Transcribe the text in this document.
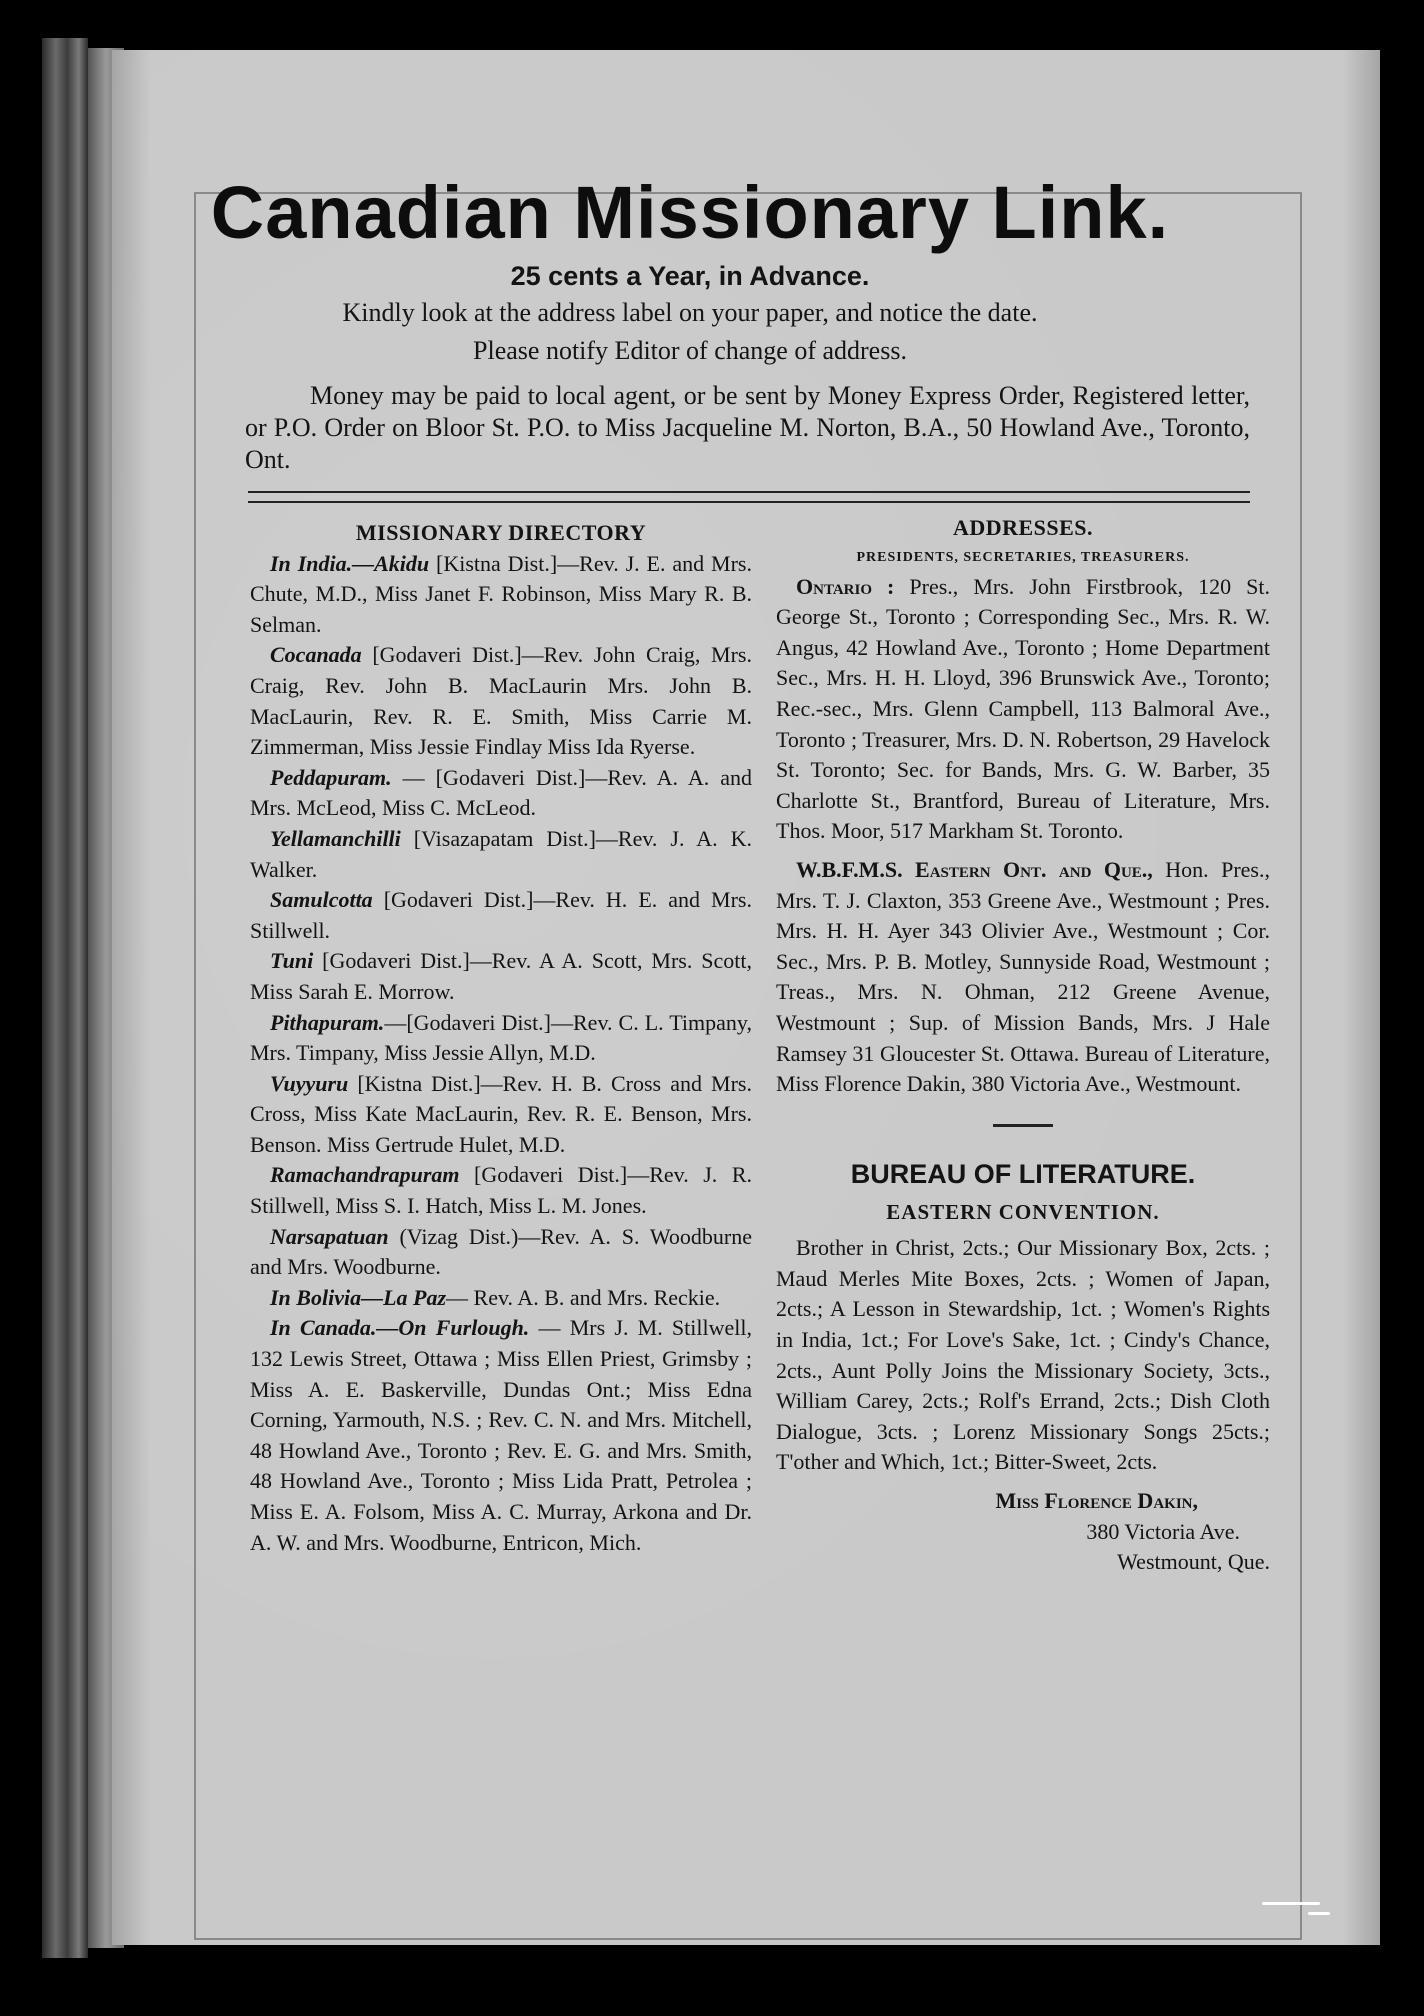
Canadian Missionary Link.
25 cents a Year, in Advance.
Kindly look at the address label on your paper, and notice the date.
Please notify Editor of change of address.
Money may be paid to local agent, or be sent by Money Express Order, Registered letter, or P.O. Order on Bloor St. P.O. to Miss Jacqueline M. Norton, B.A., 50 Howland Ave., Toronto, Ont.
MISSIONARY DIRECTORY

In India.—Akidu [Kistna Dist.]—Rev. J. E. and Mrs. Chute, M.D., Miss Janet F. Robinson, Miss Mary R. B. Selman.

Cocanada [Godaveri Dist.]—Rev. John Craig, Mrs. Craig, Rev. John B. MacLaurin Mrs. John B. MacLaurin, Rev. R. E. Smith, Miss Carrie M. Zimmerman, Miss Jessie Findlay Miss Ida Ryerse.

Peddapuram. — [Godaveri Dist.]—Rev. A. A. and Mrs. McLeod, Miss C. McLeod.

Yellamanchilli [Visazapatam Dist.]—Rev. J. A. K. Walker.

Samulcotta [Godaveri Dist.]—Rev. H. E. and Mrs. Stillwell.

Tuni [Godaveri Dist.]—Rev. A A. Scott, Mrs. Scott, Miss Sarah E. Morrow.

Pithapuram.—[Godaveri Dist.]—Rev. C. L. Timpany, Mrs. Timpany, Miss Jessie Allyn, M.D.

Vuyyuru [Kistna Dist.]—Rev. H. B. Cross and Mrs. Cross, Miss Kate MacLaurin, Rev. R. E. Benson, Mrs. Benson. Miss Gertrude Hulet, M.D.

Ramachandrapuram [Godaveri Dist.]—Rev. J. R. Stillwell, Miss S. I. Hatch, Miss L. M. Jones.

Narsapatuan (Vizag Dist.)—Rev. A. S. Woodburne and Mrs. Woodburne.

In Bolivia—La Paz— Rev. A. B. and Mrs. Reckie.

In Canada.—On Furlough. — Mrs J. M. Stillwell, 132 Lewis Street, Ottawa ; Miss Ellen Priest, Grimsby ; Miss A. E. Baskerville, Dundas Ont.; Miss Edna Corning, Yarmouth, N.S. ; Rev. C. N. and Mrs. Mitchell, 48 Howland Ave., Toronto ; Rev. E. G. and Mrs. Smith, 48 Howland Ave., Toronto ; Miss Lida Pratt, Petrolea ; Miss E. A. Folsom, Miss A. C. Murray, Arkona and Dr. A. W. and Mrs. Woodburne, Entricon, Mich.

ADDRESSES.
PRESIDENTS, SECRETARIES, TREASURERS.

Ontario : Pres., Mrs. John Firstbrook, 120 St. George St., Toronto ; Corresponding Sec., Mrs. R. W. Angus, 42 Howland Ave., Toronto ; Home Department Sec., Mrs. H. H. Lloyd, 396 Brunswick Ave., Toronto; Rec.-sec., Mrs. Glenn Campbell, 113 Balmoral Ave., Toronto ; Treasurer, Mrs. D. N. Robertson, 29 Havelock St. Toronto; Sec. for Bands, Mrs. G. W. Barber, 35 Charlotte St., Brantford, Bureau of Literature, Mrs. Thos. Moor, 517 Markham St. Toronto.

W.B.F.M.S. Eastern Ont. and Que., Hon. Pres., Mrs. T. J. Claxton, 353 Greene Ave., Westmount ; Pres. Mrs. H. H. Ayer 343 Olivier Ave., Westmount ; Cor. Sec., Mrs. P. B. Motley, Sunnyside Road, Westmount ; Treas., Mrs. N. Ohman, 212 Greene Avenue, Westmount ; Sup. of Mission Bands, Mrs. J Hale Ramsey 31 Gloucester St. Ottawa. Bureau of Literature, Miss Florence Dakin, 380 Victoria Ave., Westmount.

BUREAU OF LITERATURE.
EASTERN CONVENTION.

Brother in Christ, 2cts.; Our Missionary Box, 2cts. ; Maud Merles Mite Boxes, 2cts. ; Women of Japan, 2cts.; A Lesson in Stewardship, 1ct. ; Women's Rights in India, 1ct.; For Love's Sake, 1ct. ; Cindy's Chance, 2cts., Aunt Polly Joins the Missionary Society, 3cts., William Carey, 2cts.; Rolf's Errand, 2cts.; Dish Cloth Dialogue, 3cts. ; Lorenz Missionary Songs 25cts.; T'other and Which, 1ct.; Bitter-Sweet, 2cts.

Miss Florence Dakin,
380 Victoria Ave.
Westmount, Que.
